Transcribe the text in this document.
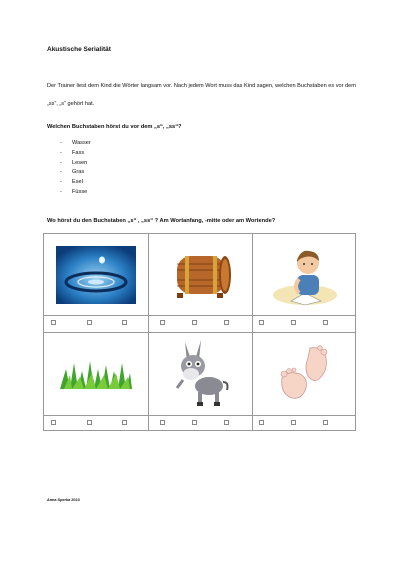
Akustische Serialität
Der Trainer liest dem Kind die Wörter langsam vor. Nach jedem Wort muss das Kind sagen, welchen Buchstaben es vor dem „ss“, „s“ gehört hat.
Welchen Buchstaben hörst du vor dem „s“, „ss“?
-	Wasser
-	Fass
-	Lesen
-	Gras
-	Esel
-	Füsse
Wo hörst du den Buchstaben „s“ , „ss“ ? Am Wortanfang, -mitte oder am Wortende?
Anna Sperka 2023
